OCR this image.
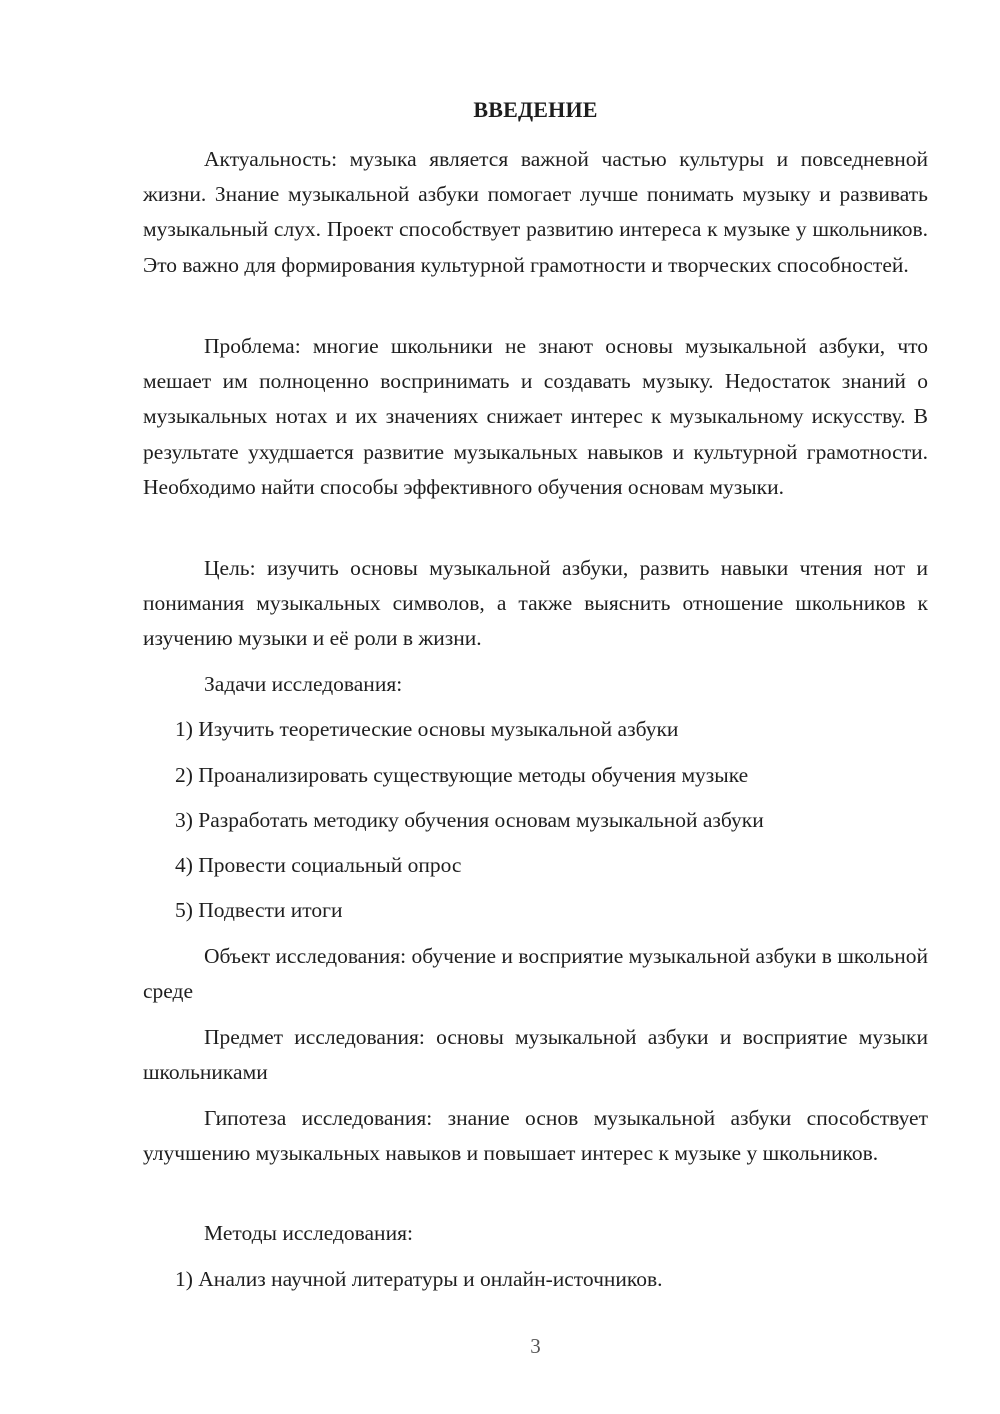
ВВЕДЕНИЕ

Актуальность: музыка является важной частью культуры и повседневной жизни. Знание музыкальной азбуки помогает лучше понимать музыку и развивать музыкальный слух. Проект способствует развитию интереса к музыке у школьников. Это важно для формирования культурной грамотности и творческих способностей.

Проблема: многие школьники не знают основы музыкальной азбуки, что мешает им полноценно воспринимать и создавать музыку. Недостаток знаний о музыкальных нотах и их значениях снижает интерес к музыкальному искусству. В результате ухудшается развитие музыкальных навыков и культурной грамотности. Необходимо найти способы эффективного обучения основам музыки.

Цель: изучить основы музыкальной азбуки, развить навыки чтения нот и понимания музыкальных символов, а также выяснить отношение школьников к изучению музыки и её роли в жизни.

Задачи исследования:

1) Изучить теоретические основы музыкальной азбуки

2) Проанализировать существующие методы обучения музыке

3) Разработать методику обучения основам музыкальной азбуки

4) Провести социальный опрос

5) Подвести итоги

Объект исследования: обучение и восприятие музыкальной азбуки в школьной среде

Предмет исследования: основы музыкальной азбуки и восприятие музыки школьниками

Гипотеза исследования: знание основ музыкальной азбуки способствует улучшению музыкальных навыков и повышает интерес к музыке у школьников.

Методы исследования:

1) Анализ научной литературы и онлайн-источников.

3
